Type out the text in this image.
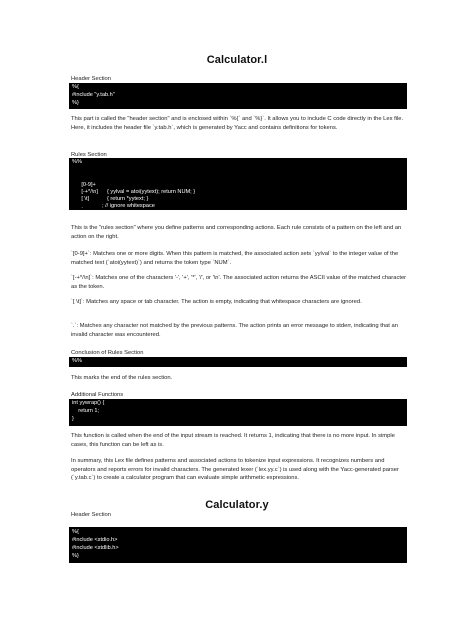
Calculator.l
Header Section
%{
#include "y.tab.h"
%}
This part is called the "header section" and is enclosed within `%{` and `%}`. It allows you to include C code directly in the Lex file. Here, it includes the header file `y.tab.h`, which is generated by Yacc and contains definitions for tokens.
Rules Section
%%

[0-9]+

{ yylval = atoi(yytext); return NUM; }

[-+*/\n]

{ return *yytext; }

[ \t]

; // ignore whitespace

.

{ fprintf(stderr, "Invalid character: %s\n", yytext); }

This is the "rules section" where you define patterns and corresponding actions. Each rule consists of a pattern on the left and an action on the right.
`[0-9]+`: Matches one or more digits. When this pattern is matched, the associated action sets `yylval` to the integer value of the matched text (`atoi(yytext)`) and returns the token type `NUM`.
`[-+*/\n]`: Matches one of the characters '-', '+', '*', '/', or '\n'. The associated action returns the ASCII value of the matched character as the token.
`[ \t]`: Matches any space or tab character. The action is empty, indicating that whitespace characters are ignored.
`.`: Matches any character not matched by the previous patterns. The action prints an error message to stderr, indicating that an invalid character was encountered.
Conclusion of Rules Section
%%
This marks the end of the rules section.
Additional Functions
int yywrap() {
return 1;
}
This function is called when the end of the input stream is reached. It returns 1, indicating that there is no more input. In simple cases, this function can be left as is.
In summary, this Lex file defines patterns and associated actions to tokenize input expressions. It recognizes numbers and operators and reports errors for invalid characters. The generated lexer (`lex.yy.c`) is used along with the Yacc-generated parser (`y.tab.c`) to create a calculator program that can evaluate simple arithmetic expressions.
Calculator.y
Header Section
%{
#include <stdio.h>
#include <stdlib.h>
%}
